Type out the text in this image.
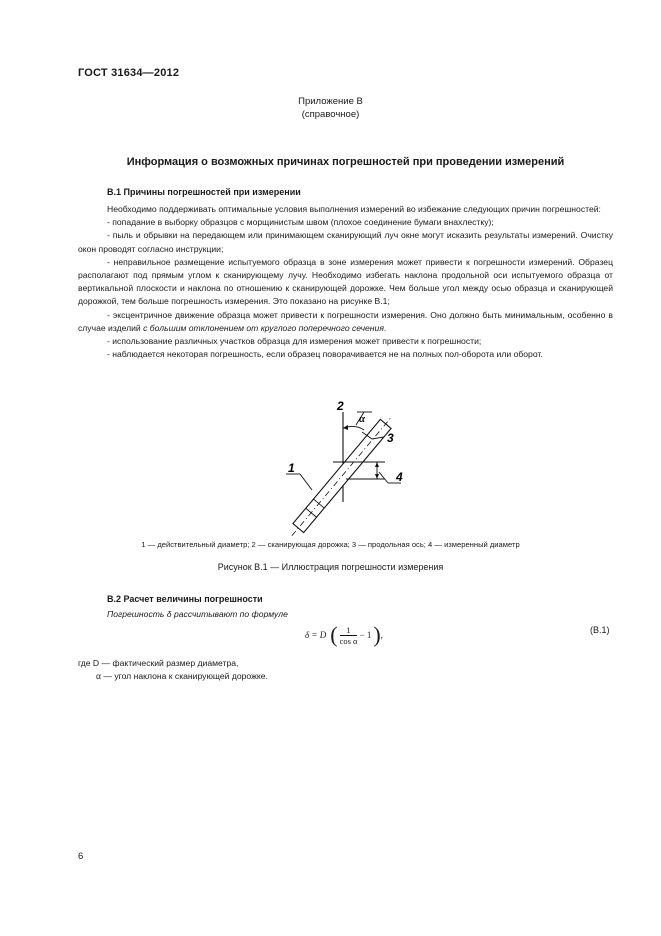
ГОСТ 31634—2012
Приложение В
(справочное)
Информация о возможных причинах погрешностей при проведении измерений
В.1 Причины погрешностей при измерении

Необходимо поддерживать оптимальные условия выполнения измерений во избежание следующих причин погрешностей:

- попадание в выборку образцов с морщинистым швом (плохое соединение бумаги внахлестку);

- пыль и обрывки на передающем или принимающем сканирующий луч окне могут исказить результаты измерений. Очистку окон проводят согласно инструкции;

- неправильное размещение испытуемого образца в зоне измерения может привести к погрешности измерений. Образец располагают под прямым углом к сканирующему лучу. Необходимо избегать наклона продольной оси испытуемого образца от вертикальной плоскости и наклона по отношению к сканирующей дорожке. Чем больше угол между осью образца и сканирующей дорожкой, тем больше погрешность измерения. Это показано на рисунке В.1;

- эксцентричное движение образца может привести к погрешности измерения. Оно должно быть минимальным, особенно в случае изделий с большим отклонением от круглого поперечного сечения.

- использование различных участков образца для измерения может привести к погрешности;

- наблюдается некоторая погрешность, если образец поворачивается не на полных пол-оборота или оборот.

2
α
3
4
1
1 — действительный диаметр; 2 — сканирующая дорожка; 3 — продольная ось; 4 — измеренный диаметр
Рисунок В.1 — Иллюстрация погрешности измерения
В.2 Расчет величины погрешности
Погрешность δ рассчитывают по формуле
δ = D ( $\frac{1}{\text{cos α}} - 1$ ) ,	(В.1)
где D — фактический размер диаметра,
α — угол наклона к сканирующей дорожке.
6
